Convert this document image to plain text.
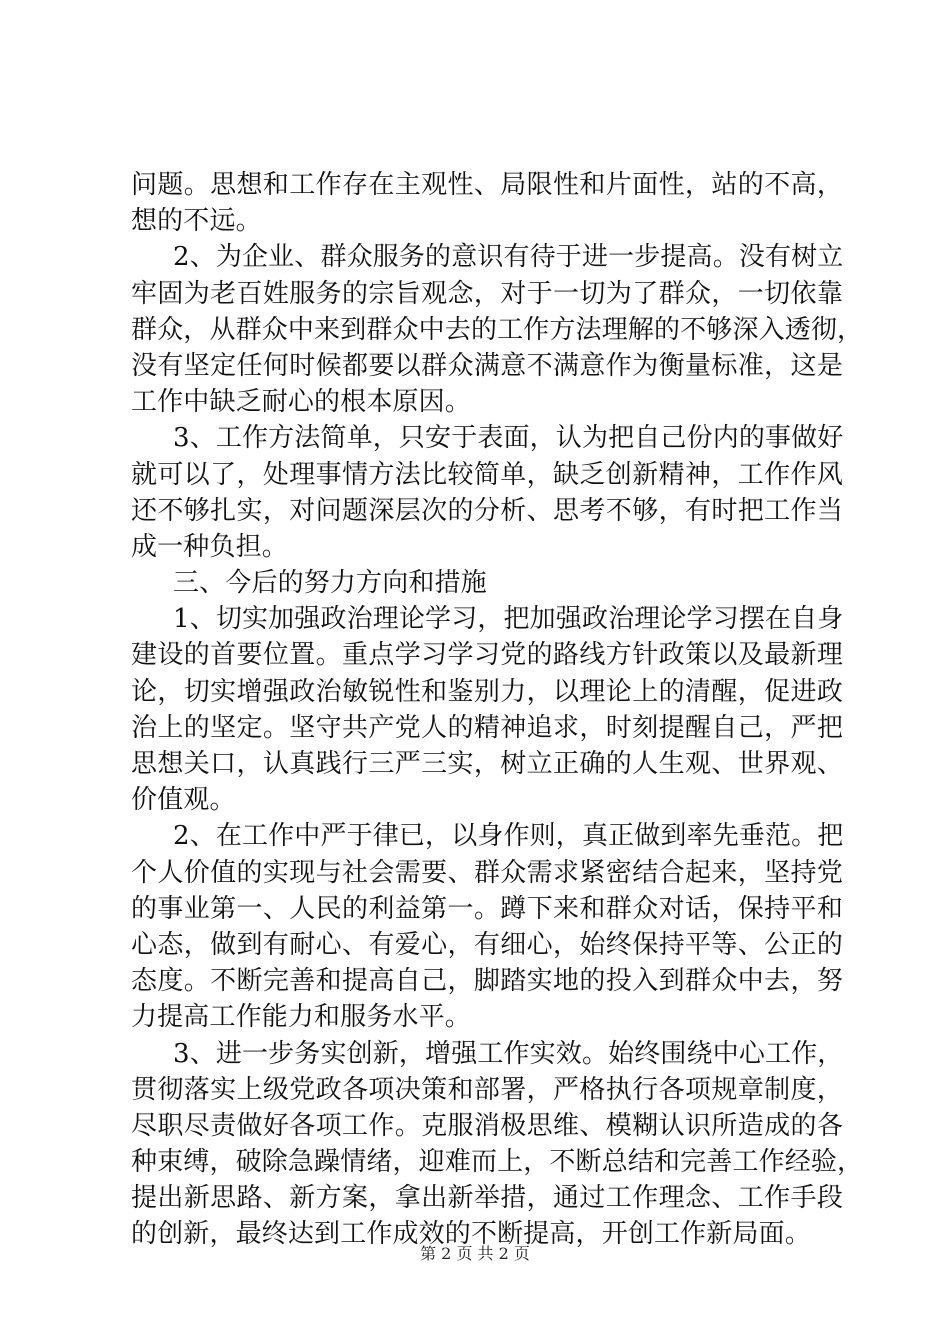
问题。思想和工作存在主观性、局限性和片面性，站的不高，
想的不远。
2、为企业、群众服务的意识有待于进一步提高。没有树立
牢固为老百姓服务的宗旨观念，对于一切为了群众，一切依靠
群众，从群众中来到群众中去的工作方法理解的不够深入透彻，
没有坚定任何时候都要以群众满意不满意作为衡量标准，这是
工作中缺乏耐心的根本原因。
3、工作方法简单，只安于表面，认为把自己份内的事做好
就可以了，处理事情方法比较简单，缺乏创新精神，工作作风
还不够扎实，对问题深层次的分析、思考不够，有时把工作当
成一种负担。
三、今后的努力方向和措施
1、切实加强政治理论学习，把加强政治理论学习摆在自身
建设的首要位置。重点学习学习党的路线方针政策以及最新理
论，切实增强政治敏锐性和鉴别力，以理论上的清醒，促进政
治上的坚定。坚守共产党人的精神追求，时刻提醒自己，严把
思想关口，认真践行三严三实，树立正确的人生观、世界观、
价值观。
2、在工作中严于律已，以身作则，真正做到率先垂范。把
个人价值的实现与社会需要、群众需求紧密结合起来，坚持党
的事业第一、人民的利益第一。蹲下来和群众对话，保持平和
心态，做到有耐心、有爱心，有细心，始终保持平等、公正的
态度。不断完善和提高自己，脚踏实地的投入到群众中去，努
力提高工作能力和服务水平。
3、进一步务实创新，增强工作实效。始终围绕中心工作，
贯彻落实上级党政各项决策和部署，严格执行各项规章制度，
尽职尽责做好各项工作。克服消极思维、模糊认识所造成的各
种束缚，破除急躁情绪，迎难而上，不断总结和完善工作经验，
提出新思路、新方案，拿出新举措，通过工作理念、工作手段
的创新，最终达到工作成效的不断提高，开创工作新局面。
第 2 页 共 2 页
